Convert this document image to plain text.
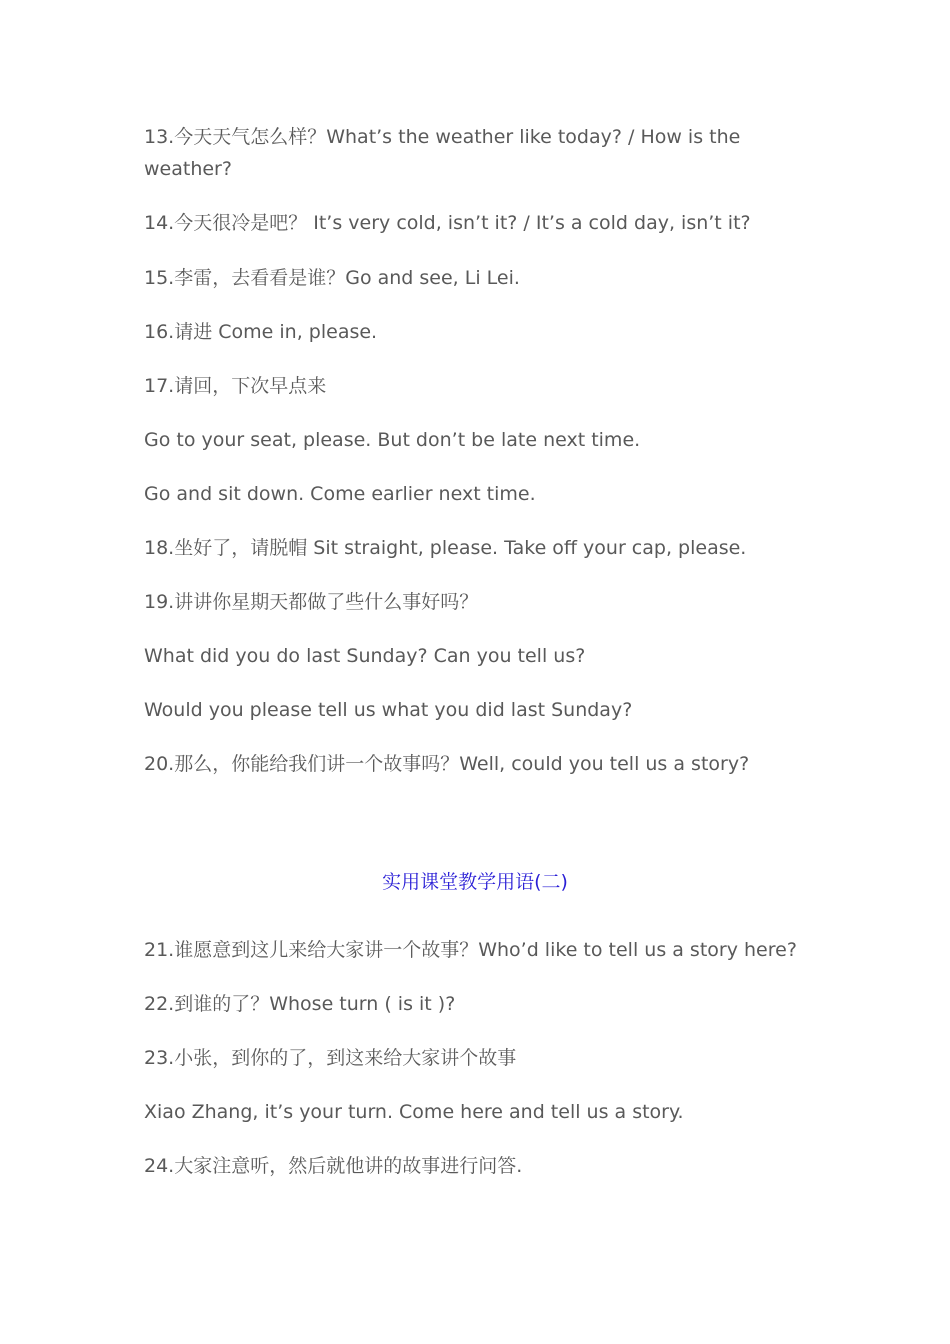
13.今天天气怎么样？What’s the weather like today? / How is the weather?
14.今天很冷是吧？ It’s very cold, isn’t it? / It’s a cold day, isn’t it?
15.李雷，去看看是谁？Go and see, Li Lei.
16.请进 Come in, please.
17.请回，下次早点来
Go to your seat, please. But don’t be late next time.
Go and sit down. Come earlier next time.
18.坐好了，请脱帽 Sit straight, please. Take off your cap, please.
19.讲讲你星期天都做了些什么事好吗？
What did you do last Sunday? Can you tell us?
Would you please tell us what you did last Sunday?
20.那么，你能给我们讲一个故事吗？Well, could you tell us a story?
实用课堂教学用语(二)
21.谁愿意到这儿来给大家讲一个故事？Who’d like to tell us a story here?
22.到谁的了？Whose turn ( is it )?
23.小张，到你的了，到这来给大家讲个故事
Xiao Zhang, it’s your turn. Come here and tell us a story.
24.大家注意听，然后就他讲的故事进行问答.
